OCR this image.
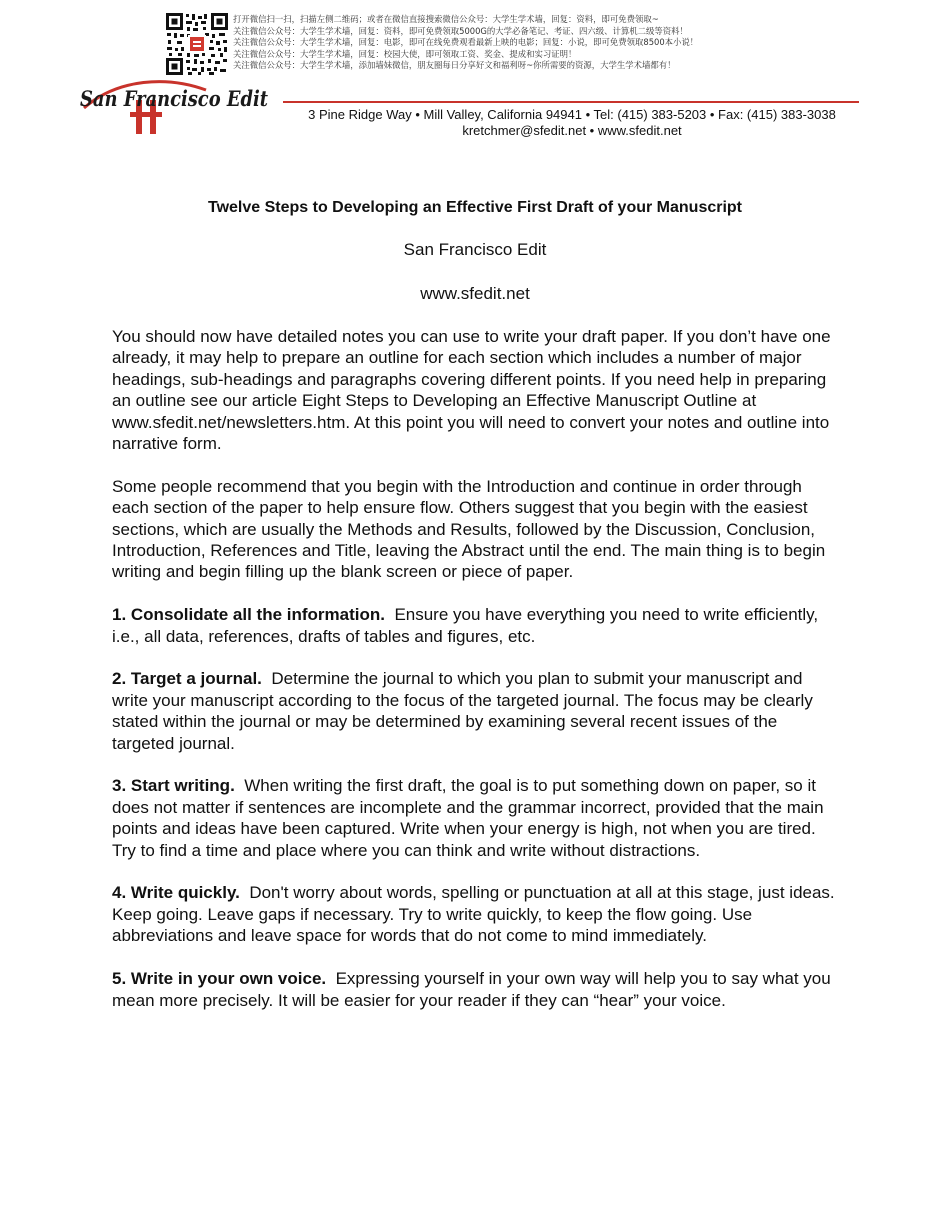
打开微信扫一扫，扫描左侧二维码；或者在微信直接搜索微信公众号：大学生学术墙，回复：资料，即可免费领取~
关注微信公众号：大学生学术墙，回复：资料，即可免费领取5000G的大学必备笔记、考证、四六级、计算机二级等资料！
关注微信公众号：大学生学术墙，回复：电影，即可在线免费观看最新上映的电影；回复：小说，即可免费领取8500本小说！
关注微信公众号：大学生学术墙，回复：校园大使，即可领取工资、奖金、提成和实习证明！
关注微信公众号：大学生学术墙，添加墙妹微信，朋友圈每日分享好文和福利呀~你所需要的资源，大学生学术墙都有！
San Francisco Edit
3 Pine Ridge Way • Mill Valley, California 94941 • Tel: (415) 383-5203 • Fax: (415) 383-3038
kretchmer@sfedit.net • www.sfedit.net
Twelve Steps to Developing an Effective First Draft of your Manuscript
San Francisco Edit
www.sfedit.net

You should now have detailed notes you can use to write your draft paper. If you don’t have one already, it may help to prepare an outline for each section which includes a number of major headings, sub-headings and paragraphs covering different points. If you need help in preparing an outline see our article Eight Steps to Developing an Effective Manuscript Outline at www.sfedit.net/newsletters.htm. At this point you will need to convert your notes and outline into narrative form.

Some people recommend that you begin with the Introduction and continue in order through each section of the paper to help ensure flow. Others suggest that you begin with the easiest sections, which are usually the Methods and Results, followed by the Discussion, Conclusion, Introduction, References and Title, leaving the Abstract until the end. The main thing is to begin writing and begin filling up the blank screen or piece of paper.

1. Consolidate all the information. Ensure you have everything you need to write efficiently, i.e., all data, references, drafts of tables and figures, etc.

2. Target a journal. Determine the journal to which you plan to submit your manuscript and write your manuscript according to the focus of the targeted journal. The focus may be clearly stated within the journal or may be determined by examining several recent issues of the targeted journal.

3. Start writing. When writing the first draft, the goal is to put something down on paper, so it does not matter if sentences are incomplete and the grammar incorrect, provided that the main points and ideas have been captured. Write when your energy is high, not when you are tired. Try to find a time and place where you can think and write without distractions.

4. Write quickly. Don't worry about words, spelling or punctuation at all at this stage, just ideas. Keep going. Leave gaps if necessary. Try to write quickly, to keep the flow going. Use abbreviations and leave space for words that do not come to mind immediately.

5. Write in your own voice. Expressing yourself in your own way will help you to say what you mean more precisely. It will be easier for your reader if they can “hear” your voice.
